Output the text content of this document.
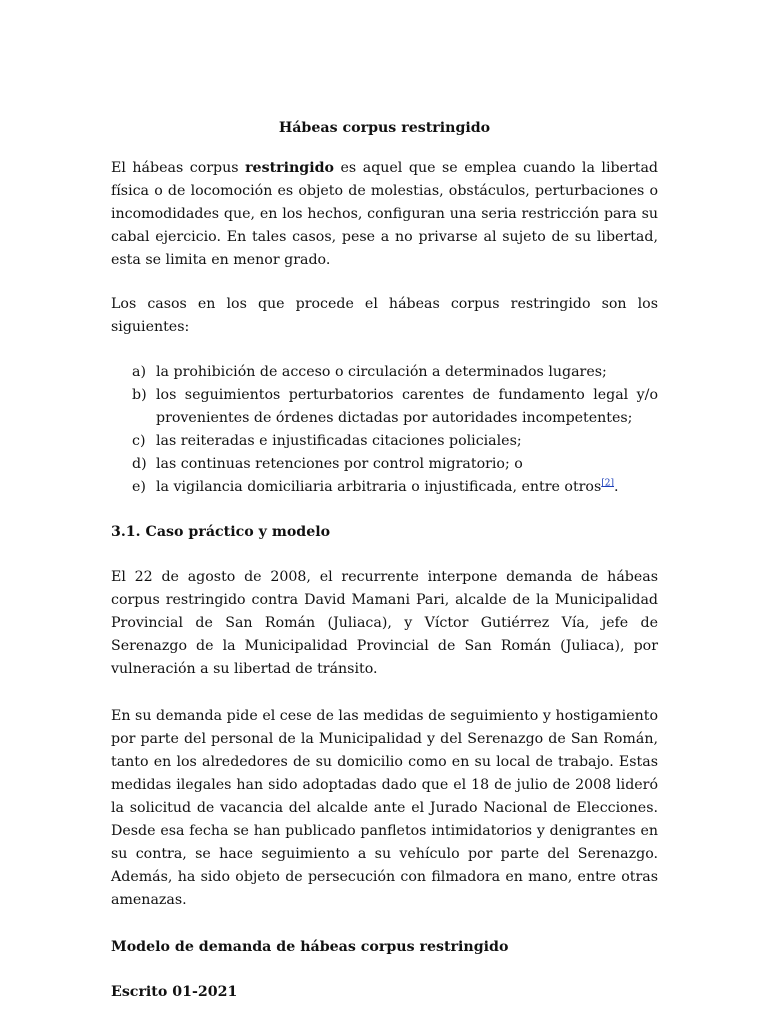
Hábeas corpus restringido

El hábeas corpus restringido es aquel que se emplea cuando la libertad física o de locomoción es objeto de molestias, obstáculos, perturbaciones o incomodidades que, en los hechos, configuran una seria restricción para su cabal ejercicio. En tales casos, pese a no privarse al sujeto de su libertad, esta se limita en menor grado.

Los casos en los que procede el hábeas corpus restringido son los siguientes:

a) la prohibición de acceso o circulación a determinados lugares;
b) los seguimientos perturbatorios carentes de fundamento legal y/o provenientes de órdenes dictadas por autoridades incompetentes;
c) las reiteradas e injustificadas citaciones policiales;
d) las continuas retenciones por control migratorio; o
e) la vigilancia domiciliaria arbitraria o injustificada, entre otros[2].
3.1. Caso práctico y modelo

El 22 de agosto de 2008, el recurrente interpone demanda de hábeas corpus restringido contra David Mamani Pari, alcalde de la Municipalidad Provincial de San Román (Juliaca), y Víctor Gutiérrez Vía, jefe de Serenazgo de la Municipalidad Provincial de San Román (Juliaca), por vulneración a su libertad de tránsito.

En su demanda pide el cese de las medidas de seguimiento y hostigamiento por parte del personal de la Municipalidad y del Serenazgo de San Román, tanto en los alrededores de su domicilio como en su local de trabajo. Estas medidas ilegales han sido adoptadas dado que el 18 de julio de 2008 lideró la solicitud de vacancia del alcalde ante el Jurado Nacional de Elecciones. Desde esa fecha se han publicado panfletos intimidatorios y denigrantes en su contra, se hace seguimiento a su vehículo por parte del Serenazgo. Además, ha sido objeto de persecución con filmadora en mano, entre otras amenazas.

Modelo de demanda de hábeas corpus restringido
Escrito 01-2021
